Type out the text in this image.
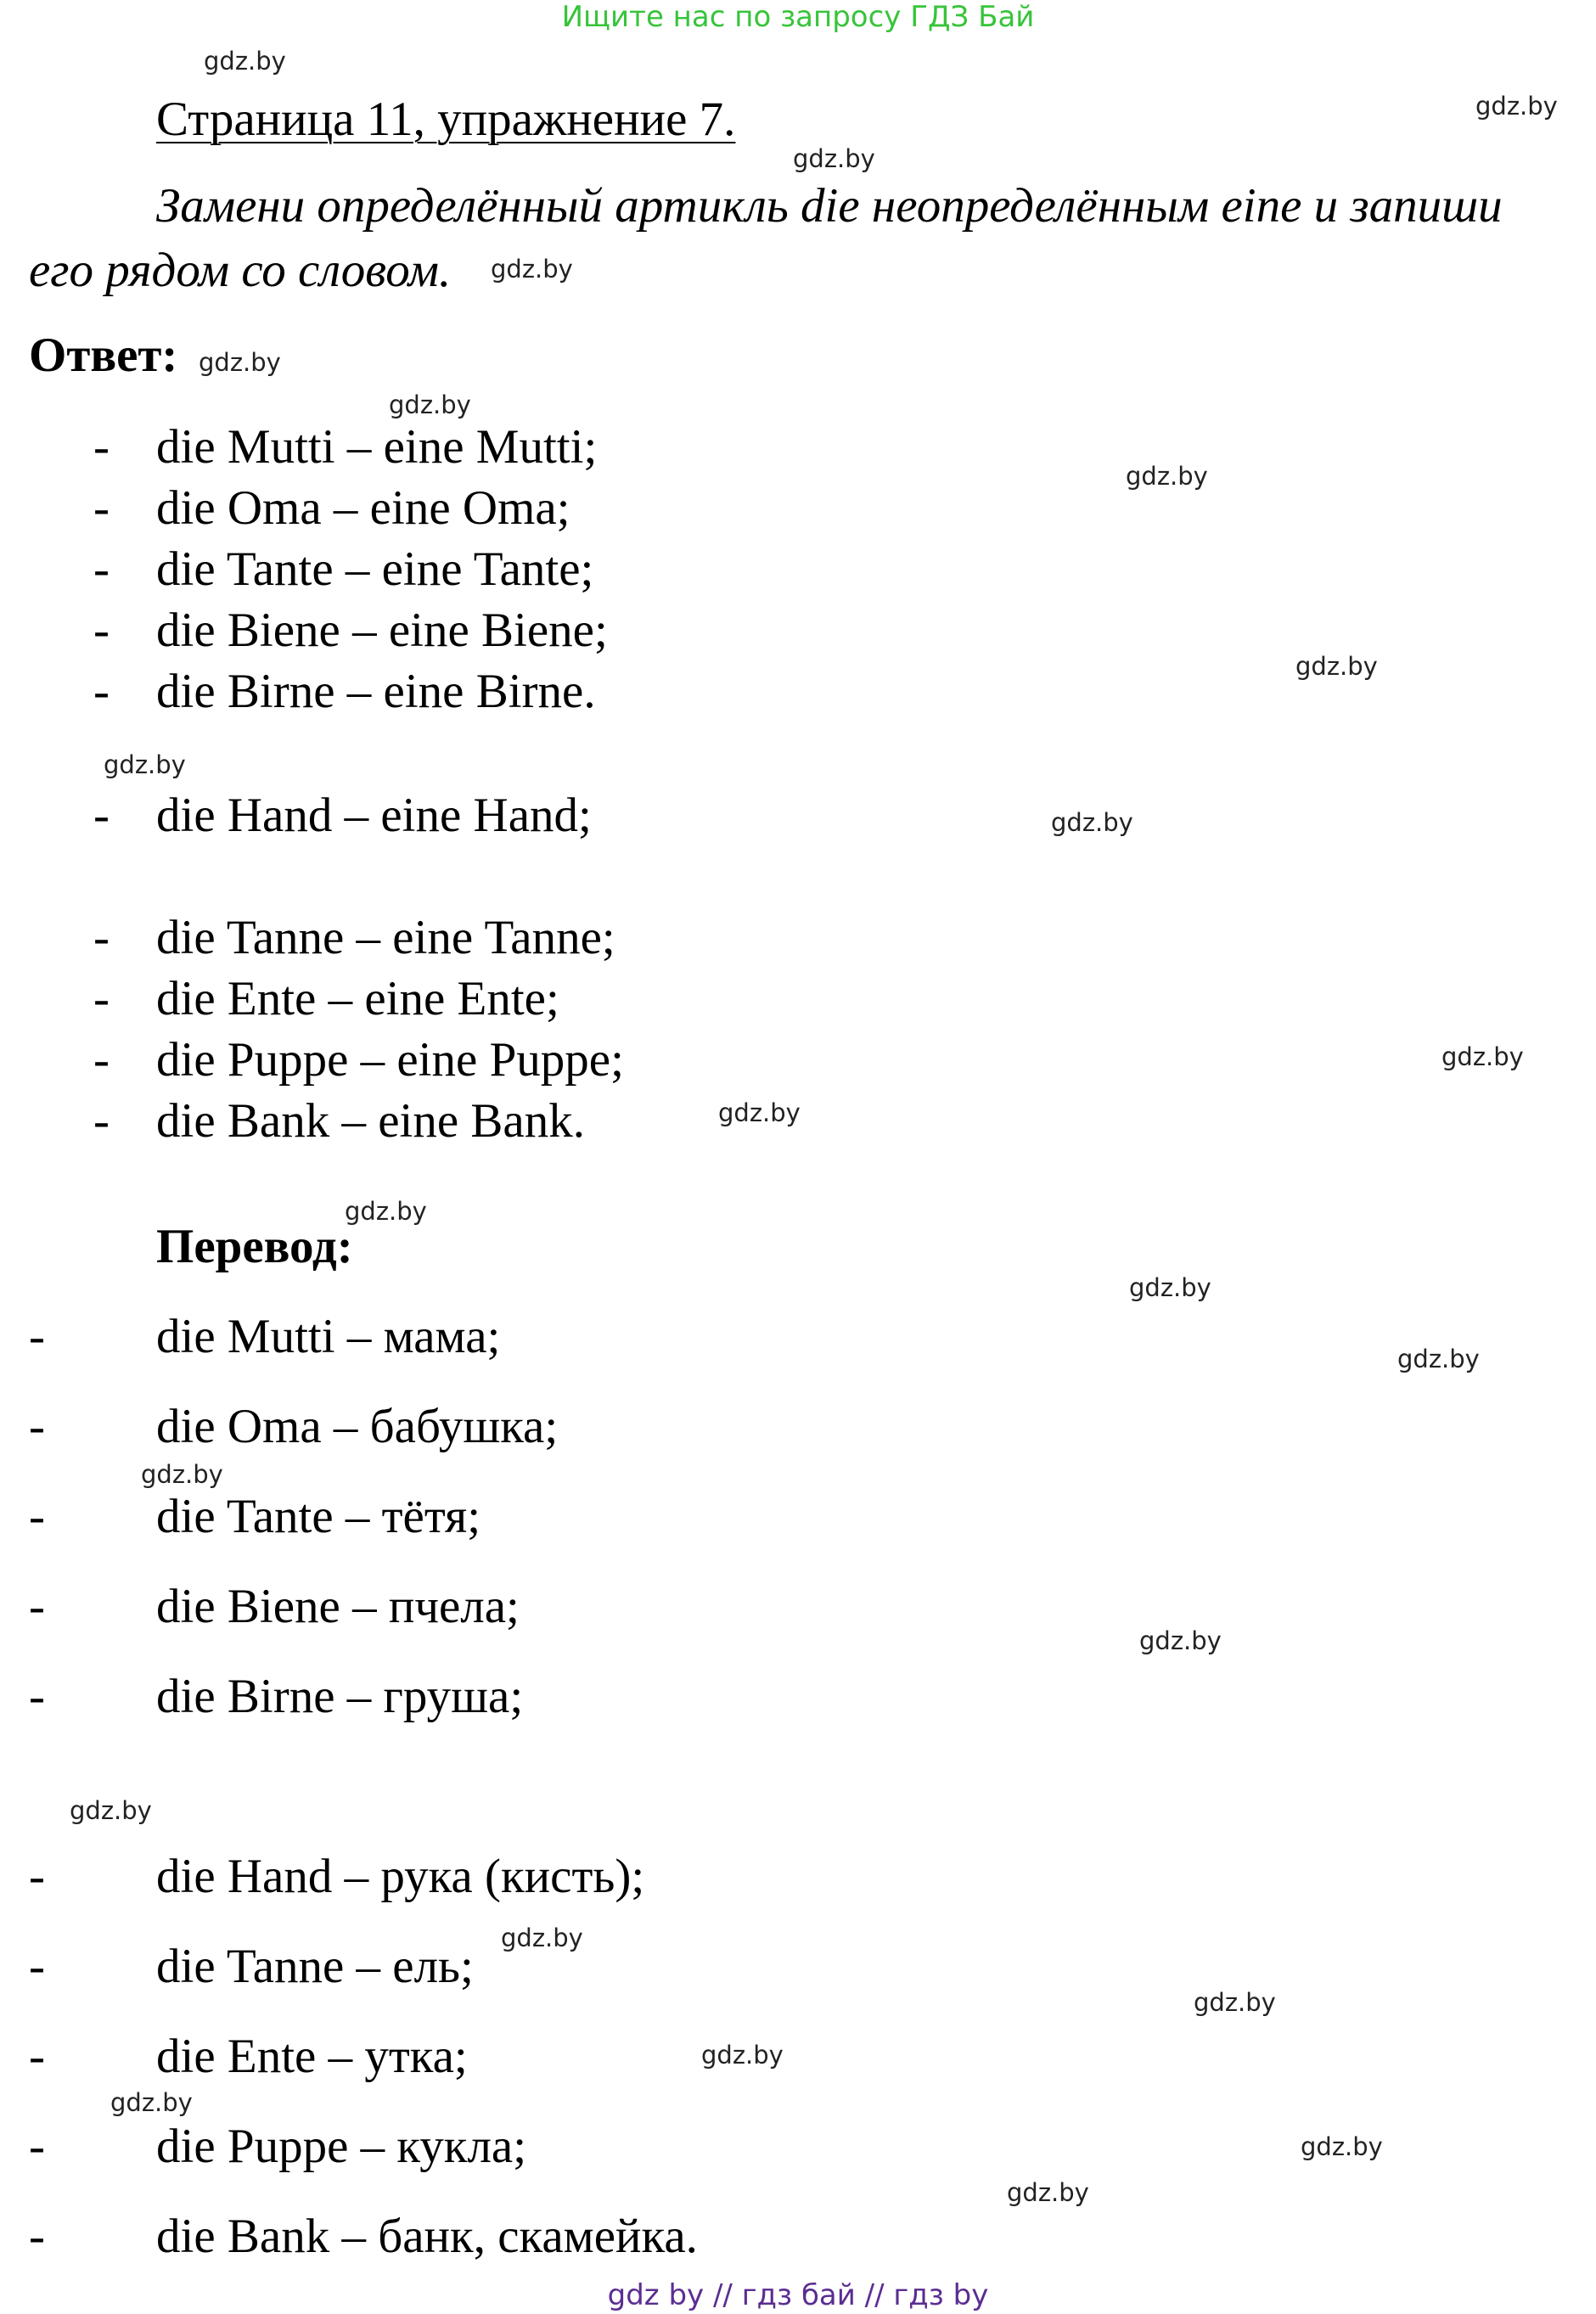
Ищите нас по запросу ГДЗ Бай
Страница 11, упражнение 7.
Замени определённый артикль die неопределённым eine и запиши
его рядом со словом.
Ответ:
- die Mutti – eine Mutti;
- die Oma – eine Oma;
- die Tante – eine Tante;
- die Biene – eine Biene;
- die Birne – eine Birne.
- die Hand – eine Hand;
- die Tanne – eine Tanne;
- die Ente – eine Ente;
- die Puppe – eine Puppe;
- die Bank – eine Bank.
Перевод:
- die Mutti – мама;
- die Oma – бабушка;
- die Tante – тётя;
- die Biene – пчела;
- die Birne – груша;
- die Hand – рука (кисть);
- die Tanne – ель;
- die Ente – утка;
- die Puppe – кукла;
- die Bank – банк, скамейка.
gdz.by
gdz.by
gdz.by
gdz.by
gdz.by
gdz.by
gdz.by
gdz.by
gdz.by
gdz.by
gdz.by
gdz.by
gdz.by
gdz.by
gdz.by
gdz.by
gdz.by
gdz.by
gdz.by
gdz.by
gdz.by
gdz.by
gdz.by
gdz.by
gdz by // гдз бай // гдз by
